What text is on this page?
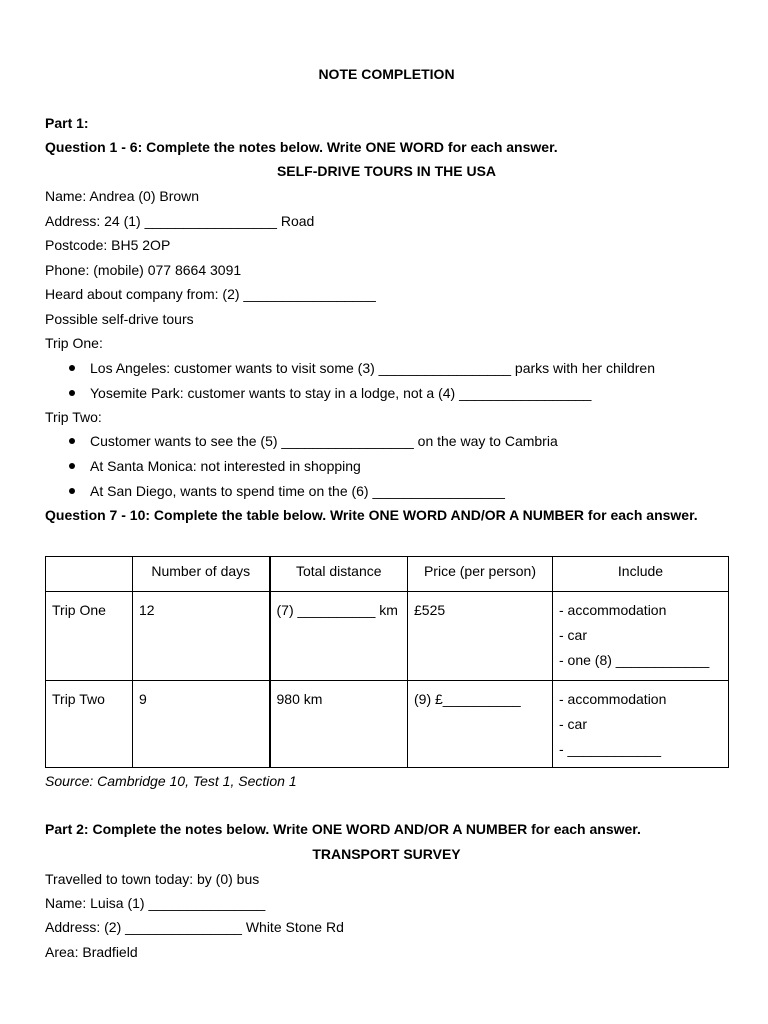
NOTE COMPLETION
Part 1:
Question 1 - 6: Complete the notes below. Write ONE WORD for each answer.
SELF-DRIVE TOURS IN THE USA
Name: Andrea (0) Brown
Address: 24 (1) _________________ Road
Postcode: BH5 2OP
Phone: (mobile) 077 8664 3091
Heard about company from: (2) _________________
Possible self-drive tours
Trip One:
Los Angeles: customer wants to visit some (3) _________________ parks with her children
Yosemite Park: customer wants to stay in a lodge, not a (4) _________________
Trip Two:
Customer wants to see the (5) _________________ on the way to Cambria
At Santa Monica: not interested in shopping
At San Diego, wants to spend time on the (6) _________________
Question 7 - 10: Complete the table below. Write ONE WORD AND/OR A NUMBER for each answer.
	Number of days	Total distance	Price (per person)	Include
Trip One	12	(7) __________ km	£525	- accommodation
- car
- one (8) ____________

Trip Two	9	980 km	(9) £__________	- accommodation
- car
- ____________
Source: Cambridge 10, Test 1, Section 1
Part 2: Complete the notes below. Write ONE WORD AND/OR A NUMBER for each answer.
TRANSPORT SURVEY
Travelled to town today: by (0) bus
Name: Luisa (1) _______________
Address: (2) _______________ White Stone Rd
Area: Bradfield
